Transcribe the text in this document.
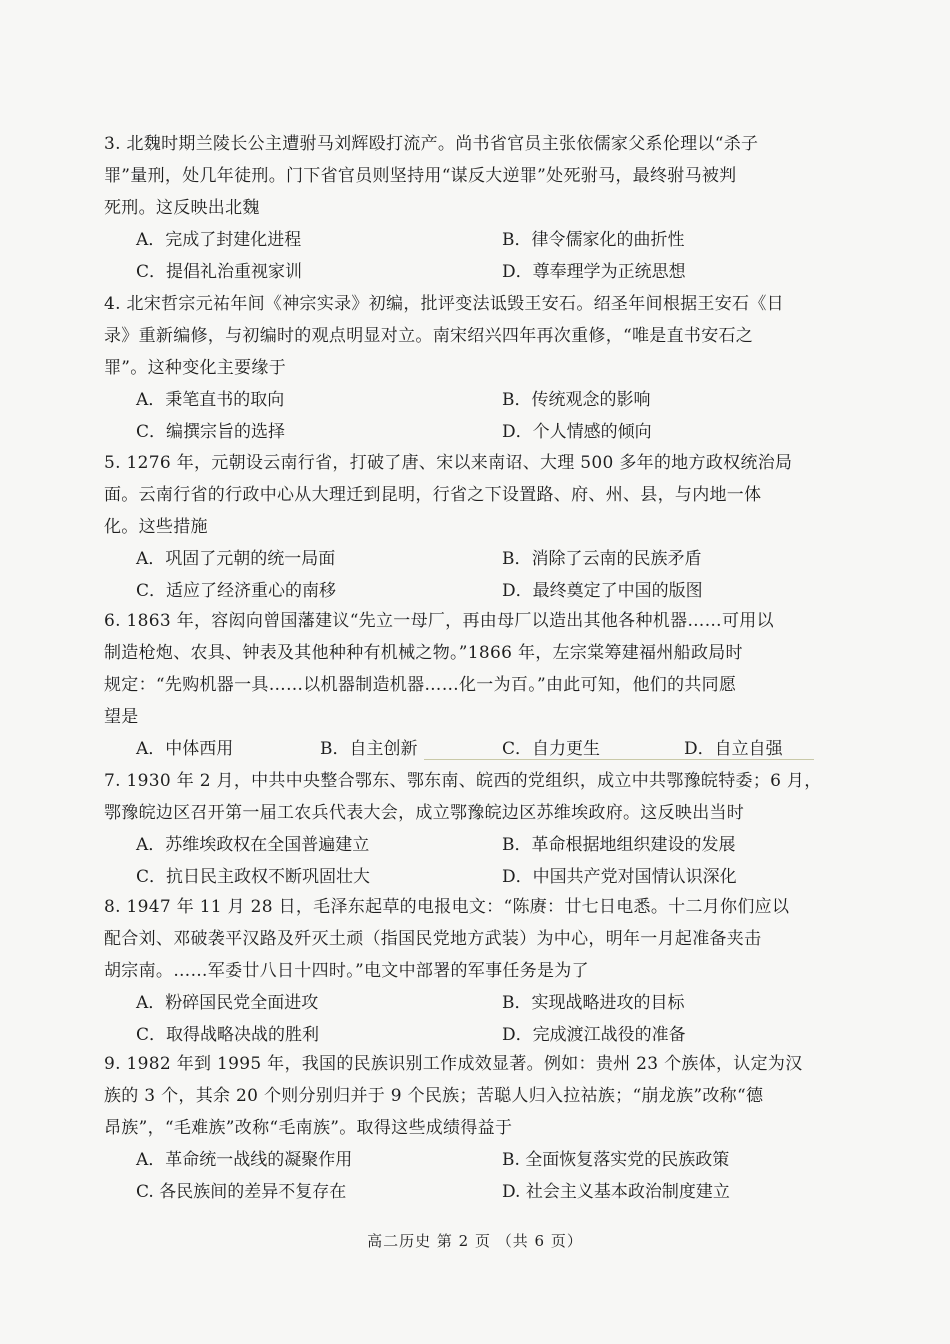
3. 北魏时期兰陵长公主遭驸马刘辉殴打流产。尚书省官员主张依儒家父系伦理以“杀子
罪”量刑，处几年徒刑。门下省官员则坚持用“谋反大逆罪”处死驸马，最终驸马被判
死刑。这反映出北魏
A．完成了封建化进程	B．律令儒家化的曲折性
C．提倡礼治重视家训	D．尊奉理学为正统思想
4. 北宋哲宗元祐年间《神宗实录》初编，批评变法诋毁王安石。绍圣年间根据王安石《日
录》重新编修，与初编时的观点明显对立。南宋绍兴四年再次重修，“唯是直书安石之
罪”。这种变化主要缘于
A．秉笔直书的取向	B．传统观念的影响
C．编撰宗旨的选择	D．个人情感的倾向
5. 1276 年，元朝设云南行省，打破了唐、宋以来南诏、大理 500 多年的地方政权统治局
面。云南行省的行政中心从大理迁到昆明，行省之下设置路、府、州、县，与内地一体
化。这些措施
A．巩固了元朝的统一局面	B．消除了云南的民族矛盾
C．适应了经济重心的南移	D．最终奠定了中国的版图
6. 1863 年，容闳向曾国藩建议“先立一母厂，再由母厂以造出其他各种机器……可用以
制造枪炮、农具、钟表及其他种种有机械之物。”1866 年，左宗棠筹建福州船政局时
规定：“先购机器一具……以机器制造机器……化一为百。”由此可知，他们的共同愿
望是
A．中体西用	B．自主创新	C．自力更生	D．自立自强
7. 1930 年 2 月，中共中央整合鄂东、鄂东南、皖西的党组织，成立中共鄂豫皖特委；6 月，
鄂豫皖边区召开第一届工农兵代表大会，成立鄂豫皖边区苏维埃政府。这反映出当时
A．苏维埃政权在全国普遍建立	B．革命根据地组织建设的发展
C．抗日民主政权不断巩固壮大	D．中国共产党对国情认识深化
8. 1947 年 11 月 28 日，毛泽东起草的电报电文：“陈赓：廿七日电悉。十二月你们应以
配合刘、邓破袭平汉路及歼灭土顽（指国民党地方武装）为中心，明年一月起准备夹击
胡宗南。……军委廿八日十四时。”电文中部署的军事任务是为了
A．粉碎国民党全面进攻	B．实现战略进攻的目标
C．取得战略决战的胜利	D．完成渡江战役的准备
9. 1982 年到 1995 年，我国的民族识别工作成效显著。例如：贵州 23 个族体，认定为汉
族的 3 个，其余 20 个则分别归并于 9 个民族；苦聪人归入拉祜族；“崩龙族”改称“德
昂族”，“毛难族”改称“毛南族”。取得这些成绩得益于
A．革命统一战线的凝聚作用	B. 全面恢复落实党的民族政策
C. 各民族间的差异不复存在	D. 社会主义基本政治制度建立
高二历史 第 2 页 （共 6 页）
